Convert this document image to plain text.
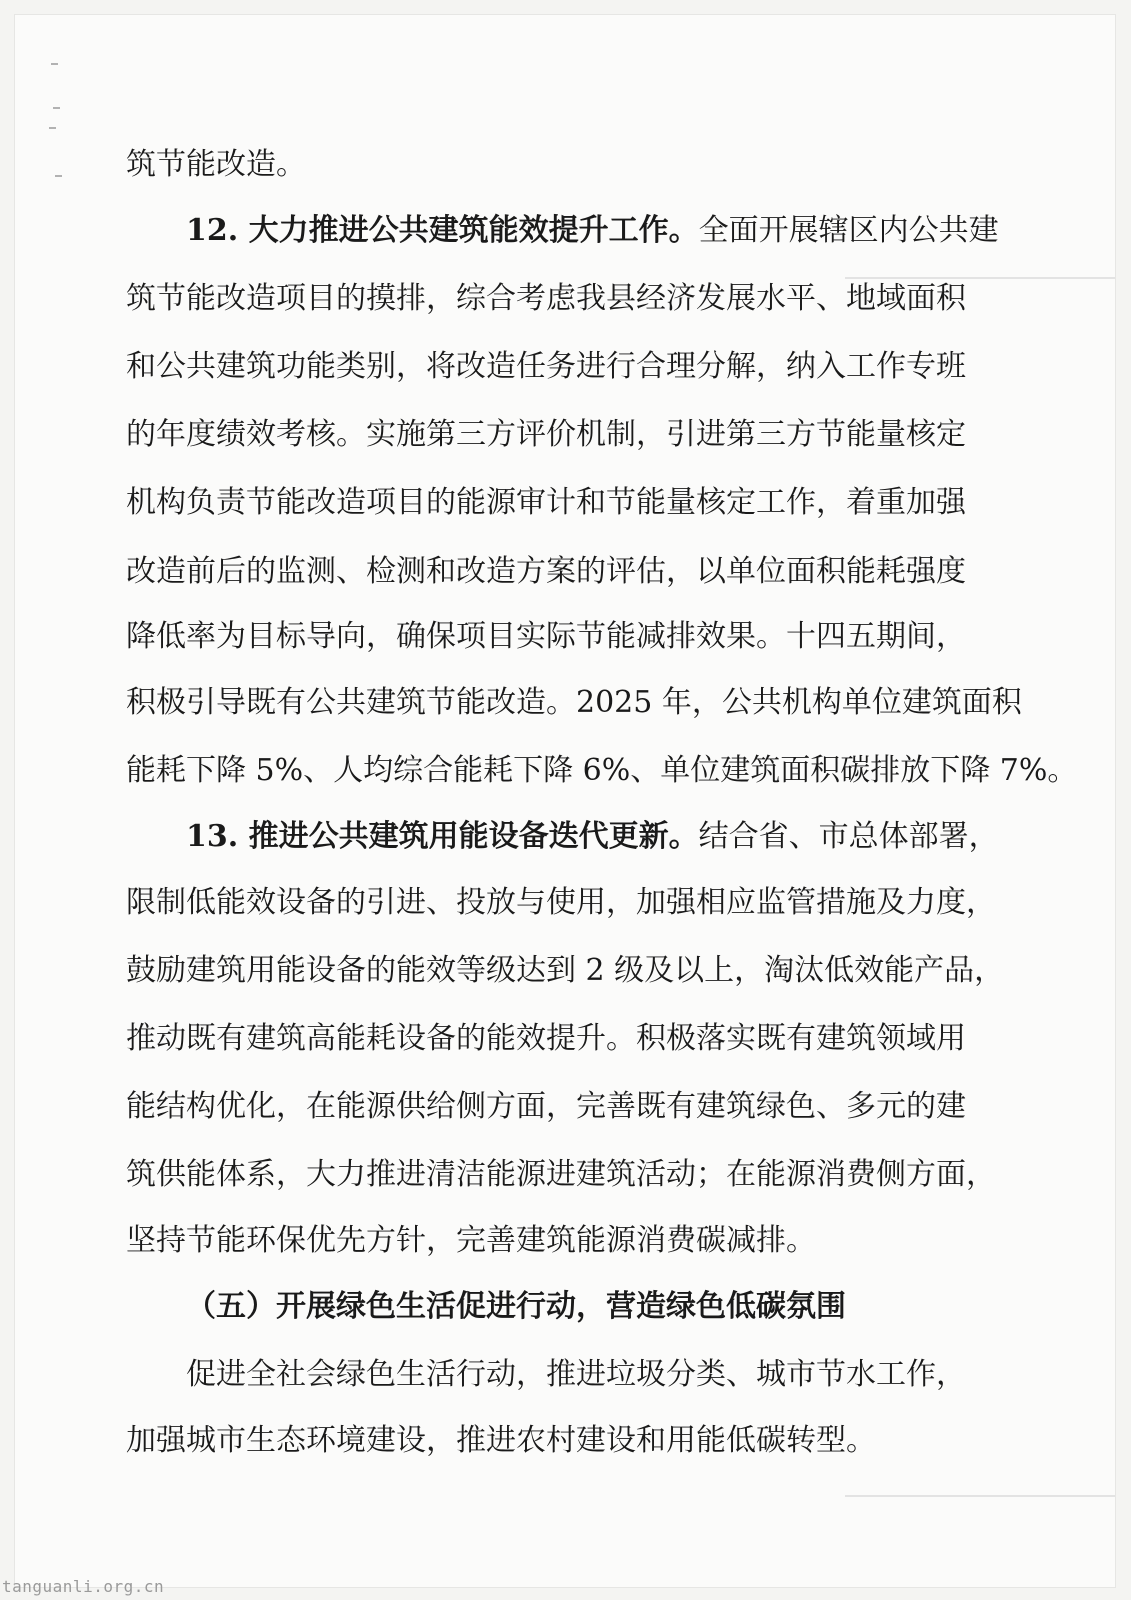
筑节能改造。
12. 大力推进公共建筑能效提升工作。全面开展辖区内公共建
筑节能改造项目的摸排，综合考虑我县经济发展水平、地域面积
和公共建筑功能类别，将改造任务进行合理分解，纳入工作专班
的年度绩效考核。实施第三方评价机制，引进第三方节能量核定
机构负责节能改造项目的能源审计和节能量核定工作，着重加强
改造前后的监测、检测和改造方案的评估，以单位面积能耗强度
降低率为目标导向，确保项目实际节能减排效果。十四五期间，
积极引导既有公共建筑节能改造。2025 年，公共机构单位建筑面积
能耗下降 5%、人均综合能耗下降 6%、单位建筑面积碳排放下降 7%。
13. 推进公共建筑用能设备迭代更新。结合省、市总体部署，
限制低能效设备的引进、投放与使用，加强相应监管措施及力度，
鼓励建筑用能设备的能效等级达到 2 级及以上，淘汰低效能产品，
推动既有建筑高能耗设备的能效提升。积极落实既有建筑领域用
能结构优化，在能源供给侧方面，完善既有建筑绿色、多元的建
筑供能体系，大力推进清洁能源进建筑活动；在能源消费侧方面，
坚持节能环保优先方针，完善建筑能源消费碳减排。
（五）开展绿色生活促进行动，营造绿色低碳氛围
促进全社会绿色生活行动，推进垃圾分类、城市节水工作，
加强城市生态环境建设，推进农村建设和用能低碳转型。
tanguanli.org.cn
